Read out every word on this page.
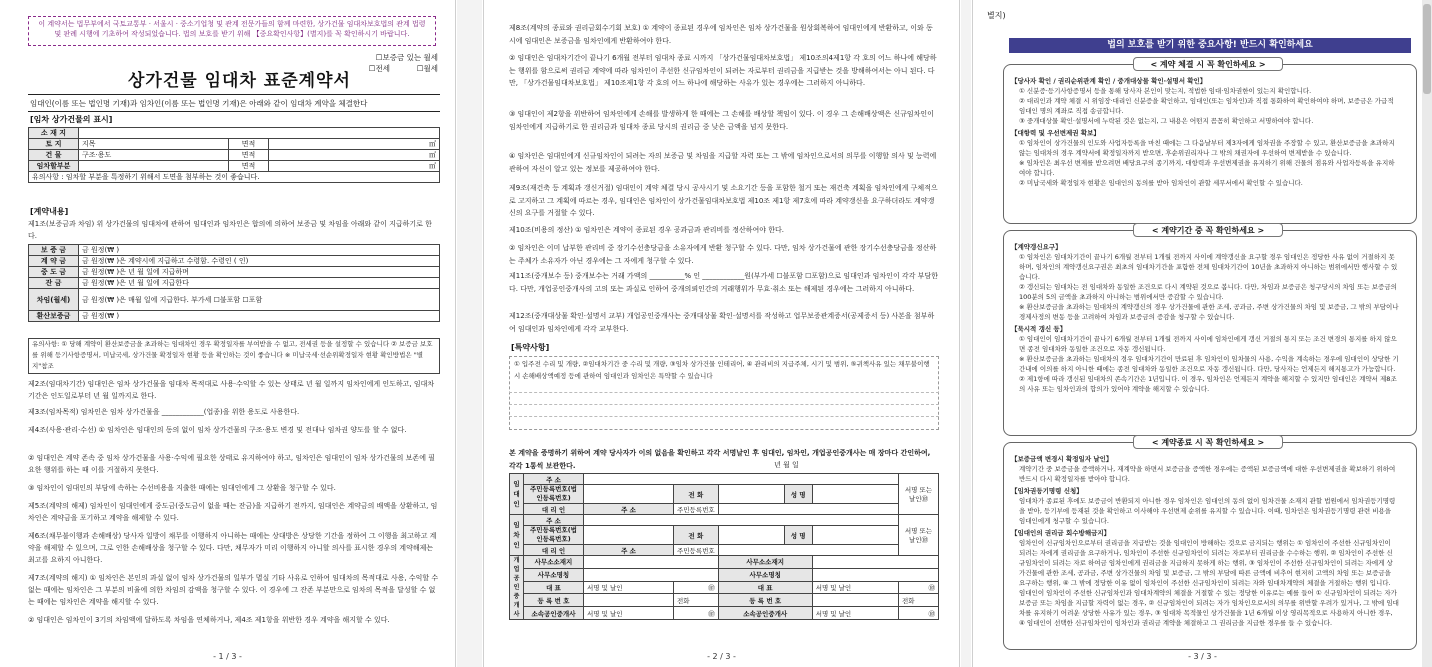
이 계약서는 법무부에서 국토교통부 · 서울시 · 중소기업청 및 관계 전문가들의 함께 마련한, 상가건물 임대차보호법의 관계 법령 및 판례 시행에 기초하여 작성되었습니다. 법의 보호를 받기 위해 【중요확인사항】(별지)를 꼭 확인하시기 바랍니다.
☐보증금 있는 월세
☐전세	☐월세
상가건물 임대차 표준계약서
임대인(이름 또는 법인명 기재)과 임차인(이름 또는 법인명 기재)은 아래와 같이 임대차 계약을 체결한다
[임차 상가건물의 표시]
소 재 지			
토 지	지목	면적	㎡
건 물	구조·용도	면적	㎡
임차할부분		면적	㎡
유의사항 : 임차할 부분을 특정하기 위해서 도면을 첨부하는 것이 좋습니다.			
[계약내용]
제1조(보증금과 차임) 위 상가건물의 임대차에 관하여 임대인과 임차인은 합의에 의하여 보증금 및 차임을 아래와 같이 지급하기로 한다.
보 증 금	금 원정(₩ )
계 약 금	금 원정(₩ )은 계약시에 지급하고 수령함. 수령인 ( 인)
중 도 금	금 원정(₩ )은 년 월 일에 지급하며
잔 금	금 원정(₩ )은 년 월 일에 지급한다
차임(월세)	금 원정(₩ )은 매월 일에 지급한다. 부가세 ☐불포함 ☐포함
환산보증금	금 원정(₩ )
유의사항: ① 당해 계약이 환산보증금을 초과하는 임대차인 경우 확정일자를 부여받을 수 없고, 전세권 등을 설정할 수 있습니다 ② 보증금 보호를 위해 등기사항증명서, 미납국세, 상가건물 확정일자 현황 등을 확인하는 것이 좋습니다 ※ 미납국세·선순위확정일자 현황 확인방법은 "별지"참조
제2조(임대차기간) 임대인은 임차 상가건물을 임대차 목적대로 사용·수익할 수 있는 상태로 년 월 일까지 임차인에게 인도하고, 임대차기간은 인도일로부터 년 월 일까지로 한다.
제3조(임차목적) 임차인은 임차 상가건물을 ____________(업종)을 위한 용도로 사용한다.
제4조(사용·관리·수선) ① 임차인은 임대인의 동의 없이 임차 상가건물의 구조·용도 변경 및 전대나 임차권 양도를 할 수 없다.
② 임대인은 계약 존속 중 임차 상가건물을 사용·수익에 필요한 상태로 유지하여야 하고, 임차인은 임대인이 임차 상가건물의 보존에 필요한 행위를 하는 때 이를 거절하지 못한다.
③ 임차인이 임대인의 부담에 속하는 수선비용을 지출한 때에는 임대인에게 그 상환을 청구할 수 있다.
제5조(계약의 해제) 임차인이 임대인에게 중도금(중도금이 없을 때는 잔금)을 지급하기 전까지, 임대인은 계약금의 배액을 상환하고, 임차인은 계약금을 포기하고 계약을 해제할 수 있다.
제6조(채무불이행과 손해배상) 당사자 일방이 채무를 이행하지 아니하는 때에는 상대방은 상당한 기간을 정하여 그 이행을 최고하고 계약을 해제할 수 있으며, 그로 인한 손해배상을 청구할 수 있다. 다만, 채무자가 미리 이행하지 아니할 의사를 표시한 경우의 계약해제는 최고를 요하지 아니한다.
제7조(계약의 해지) ① 임차인은 본인의 과실 없이 임차 상가건물의 일부가 멸실 기타 사유로 인하여 임대차의 목적대로 사용, 수익할 수 없는 때에는 임차인은 그 부분의 비율에 의한 차임의 감액을 청구할 수 있다. 이 경우에 그 잔존 부분만으로 임차의 목적을 달성할 수 없는 때에는 임차인은 계약을 해지할 수 있다.
② 임대인은 임차인이 3기의 차임액에 달하도록 차임을 연체하거나, 제4조 제1항을 위반한 경우 계약을 해지할 수 있다.
- 1 / 3 -
제8조(계약의 종료와 권리금회수기회 보호) ① 계약이 종료된 경우에 임차인은 임차 상가건물을 원상회복하여 임대인에게 반환하고, 이와 동시에 임대인은 보증금을 임차인에게 반환하여야 한다.
② 임대인은 임대차기간이 끝나기 6개월 전부터 임대차 종료 시까지 「상가건물임대차보호법」 제10조의4제1항 각 호의 어느 하나에 해당하는 행위를 함으로써 권리금 계약에 따라 임차인이 주선한 신규임차인이 되려는 자로부터 권리금을 지급받는 것을 방해하여서는 아니 된다. 다만, 「상가건물임대차보호법」 제10조제1항 각 호의 어느 하나에 해당하는 사유가 있는 경우에는 그러하지 아니하다.
③ 임대인이 제2항을 위반하여 임차인에게 손해를 발생하게 한 때에는 그 손해를 배상할 책임이 있다. 이 경우 그 손해배상액은 신규임차인이 임차인에게 지급하기로 한 권리금과 임대차 종료 당시의 권리금 중 낮은 금액을 넘지 못한다.
④ 임차인은 임대인에게 신규임차인이 되려는 자의 보증금 및 차임을 지급할 자력 또는 그 밖에 임차인으로서의 의무를 이행할 의사 및 능력에 관하여 자신이 알고 있는 정보를 제공하여야 한다.
제9조(재건축 등 계획과 갱신거절) 임대인이 계약 체결 당시 공사시기 및 소요기간 등을 포함한 철거 또는 재건축 계획을 임차인에게 구체적으로 고지하고 그 계획에 따르는 경우, 임대인은 임차인이 상가건물임대차보호법 제10조 제1항 제7호에 따라 계약갱신을 요구하더라도 계약갱신의 요구를 거절할 수 있다.
제10조(비용의 정산) ① 임차인은 계약이 종료된 경우 공과금과 관리비를 정산하여야 한다.
② 임차인은 이미 납부한 관리비 중 장기수선충당금을 소유자에게 반환 청구할 수 있다. 다만, 임차 상가건물에 관한 장기수선충당금을 정산하는 주체가 소유자가 아닌 경우에는 그 자에게 청구할 수 있다.
제11조(중개보수 등) 중개보수는 거래 가액의 __________% 인 ____________원(부가세 ☐불포함 ☐포함)으로 임대인과 임차인이 각각 부담한다. 다만, 개업공인중개사의 고의 또는 과실로 인하여 중개의뢰인간의 거래행위가 무효·취소 또는 해제된 경우에는 그러하지 아니하다.
제12조(중개대상물 확인·설명서 교부) 개업공인중개사는 중개대상물 확인·설명서를 작성하고 업무보증관계증서(공제증서 등) 사본을 첨부하여 임대인과 임차인에게 각각 교부한다.
[특약사항]
① 입주전 수리 및 개량, ②임대차기간 중 수리 및 개량, ③임차 상가건물 인테리어, ④ 관리비의 지급주체, 시기 및 범위, ⑤귀책사유 있는 채무불이행 시 손해배상액예정 등에 관하여 임대인과 임차인은 특약할 수 있습니다
본 계약을 증명하기 위하여 계약 당사자가 이의 없음을 확인하고 각각 서명날인 후 임대인, 임차인, 개업공인중개사는 매 장마다 간인하여, 각각 1통씩 보관한다.	년 월 일
임대인	주 소						서명 또는 날인㊞
	주민등록번호(법인등록번호)		전 화		성 명		
	대 리 인	주 소	주민등록번호				
임차인	주 소						서명 또는 날인㊞
	주민등록번호(법인등록번호)		전 화		성 명		
	대 리 인	주 소	주민등록번호				
개업공인중개사	사무소소재지			사무소소재지			
	사무소명칭			사무소명칭			
	대 표	서명 및 날인	㊞	대 표		서명 및 날인	㊞
	등 록 번 호		전화	등 록 번 호			전화
	소속공인중개사	서명 및 날인	㊞	소속공인중개사		서명 및 날인	㊞
- 2 / 3 -
별지)
법의 보호를 받기 위한 중요사항! 반드시 확인하세요
< 계약 체결 시 꼭 확인하세요 >
【당사자 확인 / 권리순위관계 확인 / 중개대상물 확인·설명서 확인】
① 신분증·등기사항증명서 등을 통해 당사자 본인이 맞는지, 적법한 임대·임차권한이 있는지 확인합니다.
② 대리인과 계약 체결 시 위임장·대리인 신분증을 확인하고, 임대인(또는 임차인)과 직접 통화하여 확인하여야 하며, 보증금은 가급적 임대인 명의 계좌로 직접 송금합니다.
③ 중개대상물 확인·설명서에 누락된 것은 없는지, 그 내용은 어떤지 꼼꼼히 확인하고 서명하여야 합니다.
【대항력 및 우선변제권 확보】
① 임차인이 상가건물의 인도와 사업자등록을 마친 때에는 그 다음날부터 제3자에게 임차권을 주장할 수 있고, 환산보증금을 초과하지 않는 임대차의 경우 계약서에 확정일자까지 받으면, 후순위권리자나 그 밖의 채권자에 우선하여 변제받을 수 있습니다.
※ 임차인은 최우선 변제를 받으려면 배당요구의 종기까지, 대항력과 우선변제권을 유지하기 위해 건물의 점유와 사업자등록을 유지하여야 합니다.
② 미납국세와 확정일자 현황은 임대인의 동의를 받아 임차인이 관할 세무서에서 확인할 수 있습니다.
< 계약기간 중 꼭 확인하세요 >
【계약갱신요구】
① 임차인은 임대차기간이 끝나기 6개월 전부터 1개월 전까지 사이에 계약갱신을 요구할 경우 임대인은 정당한 사유 없이 거절하지 못하며, 임차인의 계약갱신요구권은 최초의 임대차기간을 포함한 전체 임대차기간이 10년을 초과하지 아니하는 범위에서만 행사할 수 있습니다.
② 갱신되는 임대차는 전 임대차와 동일한 조건으로 다시 계약된 것으로 봅니다. 다만, 차임과 보증금은 청구당시의 차임 또는 보증금의 100분의 5의 금액을 초과하지 아니하는 범위에서만 증감할 수 있습니다.
※ 환산보증금을 초과하는 임대차의 계약갱신의 경우 상가건물에 관한 조세, 공과금, 주변 상가건물의 차임 및 보증금, 그 밖의 부담이나 경제사정의 변동 등을 고려하여 차임과 보증금의 증감을 청구할 수 있습니다.
【묵시적 갱신 등】
① 임대인이 임대차기간이 끝나기 6개월 전부터 1개월 전까지 사이에 임차인에게 갱신 거절의 통지 또는 조건 변경의 통지를 하지 않으면 종전 임대차와 동일한 조건으로 자동 갱신됩니다.
※ 환산보증금을 초과하는 임대차의 경우 임대차기간이 만료된 후 임차인이 임차물의 사용, 수익을 계속하는 경우에 임대인이 상당한 기간내에 이의를 하지 아니한 때에는 종전 임대차와 동일한 조건으로 자동 갱신됩니다. 다만, 당사자는 언제든지 해지통고가 가능합니다.
② 제1항에 따라 갱신된 임대차의 존속기간은 1년입니다. 이 경우, 임차인은 언제든지 계약을 해지할 수 있지만 임대인은 계약서 제8조의 사유 또는 임차인과의 합의가 있어야 계약을 해지할 수 있습니다.
< 계약종료 시 꼭 확인하세요 >
【보증금액 변경시 확정일자 날인】
계약기간 중 보증금을 증액하거나, 재계약을 하면서 보증금을 증액한 경우에는 증액된 보증금액에 대한 우선변제권을 확보하기 위하여 반드시 다시 확정일자를 받아야 합니다.
【임차권등기명령 신청】
임대차가 종료된 후에도 보증금이 반환되지 아니한 경우 임차인은 임대인의 동의 없이 임차건물 소재지 관할 법원에서 임차권등기명령을 받아, 등기부에 등재된 것을 확인하고 이사해야 우선변제 순위를 유지할 수 있습니다. 이때, 임차인은 임차권등기명령 관련 비용을 임대인에게 청구할 수 있습니다.
【임대인의 권리금 회수방해금지】
임차인이 신규임차인으로부터 권리금을 지급받는 것을 임대인이 방해하는 것으로 금지되는 행위는 ① 임차인이 주선한 신규임차인이 되려는 자에게 권리금을 요구하거나, 임차인이 주선한 신규임차인이 되려는 자로부터 권리금을 수수하는 행위, ② 임차인이 주선한 신규임차인이 되려는 자로 하여금 임차인에게 권리금을 지급하지 못하게 하는 행위, ③ 임차인이 주선한 신규임차인이 되려는 자에게 상가건물에 관한 조세, 공과금, 주변 상가건물의 차임 및 보증금, 그 밖의 부담에 따른 금액에 비추어 현저히 고액의 차임 또는 보증금을 요구하는 행위, ④ 그 밖에 정당한 이유 없이 임차인이 주선한 신규임차인이 되려는 자와 임대차계약의 체결을 거절하는 행위 입니다.
임대인이 임차인이 주선한 신규임차인과 임대차계약의 체결을 거절할 수 있는 정당한 이유로는 예를 들어 ① 신규임차인이 되려는 자가 보증금 또는 차임을 지급할 자력이 없는 경우, ② 신규임차인이 되려는 자가 임차인으로서의 의무를 위반할 우려가 있거나, 그 밖에 임대차를 유지하기 어려운 상당한 사유가 있는 경우, ③ 임대차 목적물인 상가건물을 1년 6개월 이상 영리목적으로 사용하지 아니한 경우, ④ 임대인이 선택한 신규임차인이 임차인과 권리금 계약을 체결하고 그 권리금을 지급한 경우를 들 수 있습니다.
- 3 / 3 -
